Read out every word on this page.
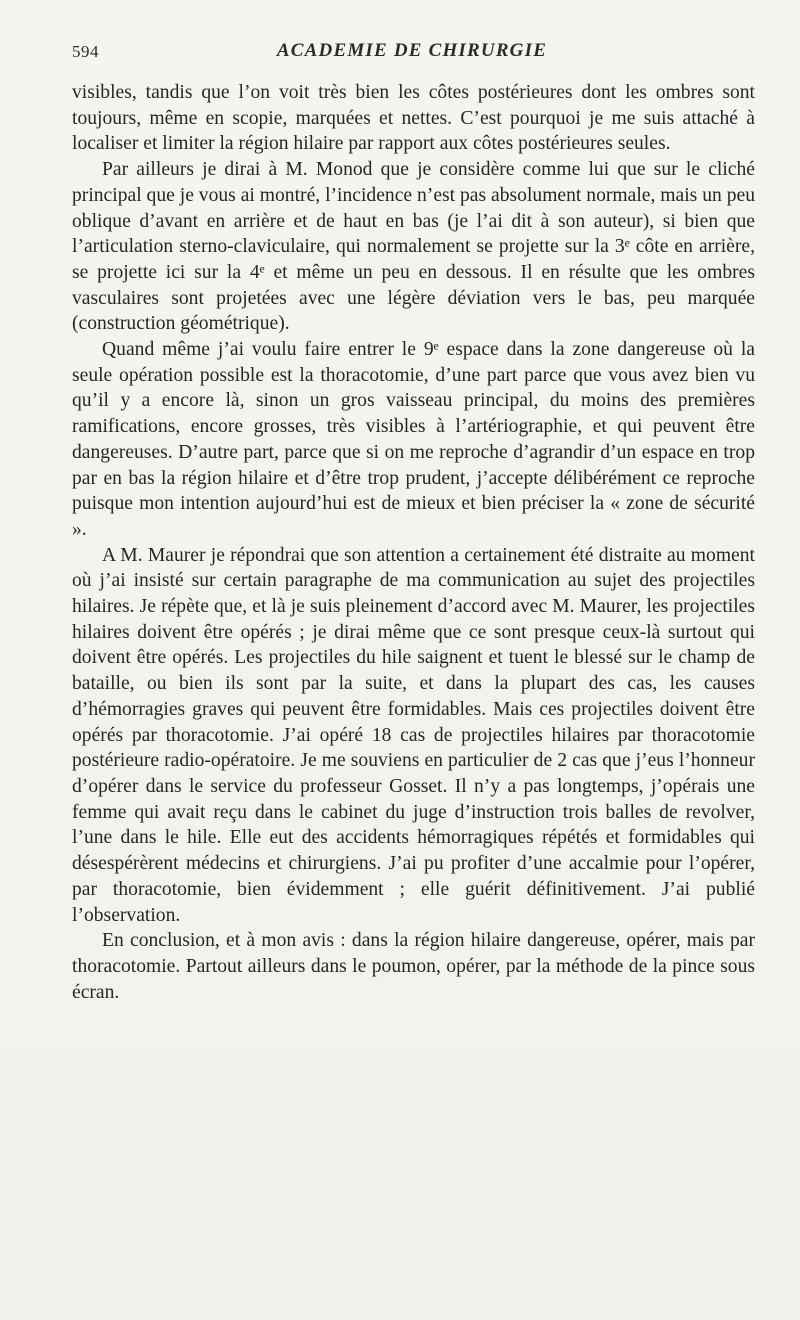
594	ACADEMIE DE CHIRURGIE

visibles, tandis que l’on voit très bien les côtes postérieures dont les ombres sont toujours, même en scopie, marquées et nettes. C’est pourquoi je me suis attaché à localiser et limiter la région hilaire par rapport aux côtes postérieures seules.

Par ailleurs je dirai à M. Monod que je considère comme lui que sur le cliché principal que je vous ai montré, l’incidence n’est pas absolument normale, mais un peu oblique d’avant en arrière et de haut en bas (je l’ai dit à son auteur), si bien que l’articulation sterno-claviculaire, qui normalement se projette sur la 3ᵉ côte en arrière, se projette ici sur la 4ᵉ et même un peu en dessous. Il en résulte que les ombres vasculaires sont projetées avec une légère déviation vers le bas, peu marquée (construction géométrique).

Quand même j’ai voulu faire entrer le 9ᵉ espace dans la zone dangereuse où la seule opération possible est la thoracotomie, d’une part parce que vous avez bien vu qu’il y a encore là, sinon un gros vaisseau principal, du moins des premières ramifications, encore grosses, très visibles à l’artériographie, et qui peuvent être dangereuses. D’autre part, parce que si on me reproche d’agrandir d’un espace en trop par en bas la région hilaire et d’être trop prudent, j’accepte délibérément ce reproche puisque mon intention aujourd’hui est de mieux et bien préciser la « zone de sécurité ».

A M. Maurer je répondrai que son attention a certainement été distraite au moment où j’ai insisté sur certain paragraphe de ma communication au sujet des projectiles hilaires. Je répète que, et là je suis pleinement d’accord avec M. Maurer, les projectiles hilaires doivent être opérés ; je dirai même que ce sont presque ceux-là surtout qui doivent être opérés. Les projectiles du hile saignent et tuent le blessé sur le champ de bataille, ou bien ils sont par la suite, et dans la plupart des cas, les causes d’hémorragies graves qui peuvent être formidables. Mais ces projectiles doivent être opérés par thoracotomie. J’ai opéré 18 cas de projectiles hilaires par thoracotomie postérieure radio-opératoire. Je me souviens en particulier de 2 cas que j’eus l’honneur d’opérer dans le service du professeur Gosset. Il n’y a pas longtemps, j’opérais une femme qui avait reçu dans le cabinet du juge d’instruction trois balles de revolver, l’une dans le hile. Elle eut des accidents hémorragiques répétés et formidables qui désespérèrent médecins et chirurgiens. J’ai pu profiter d’une accalmie pour l’opérer, par thoracotomie, bien évidemment ; elle guérit définitivement. J’ai publié l’observation.

En conclusion, et à mon avis : dans la région hilaire dangereuse, opérer, mais par thoracotomie. Partout ailleurs dans le poumon, opérer, par la méthode de la pince sous écran.
